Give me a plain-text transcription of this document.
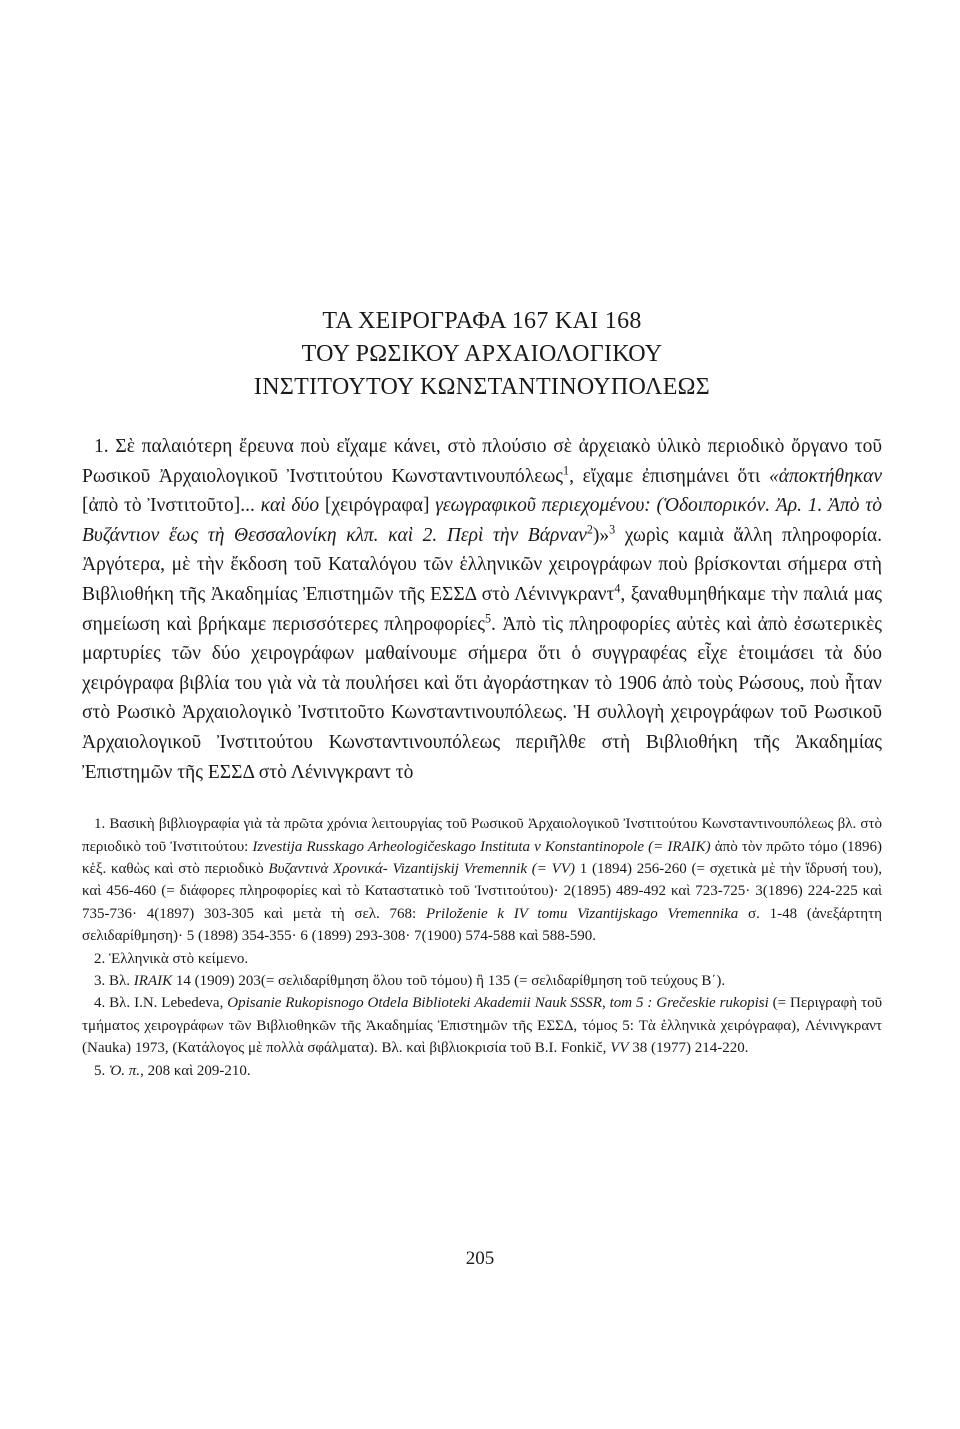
ΤΑ ΧΕΙΡΟΓΡΑΦΑ 167 ΚΑΙ 168
ΤΟΥ ΡΩΣΙΚΟΥ ΑΡΧΑΙΟΛΟΓΙΚΟΥ
ΙΝΣΤΙΤΟΥΤΟΥ ΚΩΝΣΤΑΝΤΙΝΟΥΠΟΛΕΩΣ

1. Σὲ παλαιότερη ἔρευνα ποὺ εἴχαμε κάνει, στὸ πλούσιο σὲ ἀρχειακὸ ὑλικὸ περιοδικὸ ὄργανο τοῦ Ρωσικοῦ Ἀρχαιολογικοῦ Ἰνστιτούτου Κωνσταντινουπόλεως$^1$, εἴχαμε ἐπισημάνει ὅτι «ἀποκτήθηκαν [ἀπὸ τὸ Ἰνστιτοῦτο]... καὶ δύο [χειρόγραφα] γεωγραφικοῦ περιεχομένου: (Ὁδοιπορικόν. Ἀρ. 1. Ἀπὸ τὸ Βυζάντιον ἕως τὴ Θεσσαλονίκη κλπ. καὶ 2. Περὶ τὴν Βάρναν$^2$)»$^3$ χωρὶς καμιὰ ἄλλη πληροφορία. Ἀργότερα, μὲ τὴν ἔκδοση τοῦ Καταλόγου τῶν ἑλληνικῶν χειρογράφων ποὺ βρίσκονται σήμερα στὴ Βιβλιοθήκη τῆς Ἀκαδημίας Ἐπιστημῶν τῆς ΕΣΣΔ στὸ Λένινγκραντ$^4$, ξαναθυμηθήκαμε τὴν παλιά μας σημείωση καὶ βρήκαμε περισσότερες πληροφορίες$^5$. Ἀπὸ τὶς πληροφορίες αὐτὲς καὶ ἀπὸ ἐσωτερικὲς μαρτυρίες τῶν δύο χειρογράφων μαθαίνουμε σήμερα ὅτι ὁ συγγραφέας εἶχε ἑτοιμάσει τὰ δύο χειρόγραφα βιβλία του γιὰ νὰ τὰ πουλήσει καὶ ὅτι ἀγοράστηκαν τὸ 1906 ἀπὸ τοὺς Ρώσους, ποὺ ἦταν στὸ Ρωσικὸ Ἀρχαιολογικὸ Ἰνστιτοῦτο Κωνσταντινουπόλεως. Ἡ συλλογὴ χειρογράφων τοῦ Ρωσικοῦ Ἀρχαιολογικοῦ Ἰνστιτούτου Κωνσταντινουπόλεως περιῆλθε στὴ Βιβλιοθήκη τῆς Ἀκαδημίας Ἐπιστημῶν τῆς ΕΣΣΔ στὸ Λένινγκραντ τὸ

1. Βασικὴ βιβλιογραφία γιὰ τὰ πρῶτα χρόνια λειτουργίας τοῦ Ρωσικοῦ Ἀρχαιολογικοῦ Ἰνστιτούτου Κωνσταντινουπόλεως βλ. στὸ περιοδικὸ τοῦ Ἰνστιτούτου: Izvestija Russkago Arheologičeskago Instituta v Konstantinopole (= IRAIK) ἀπὸ τὸν πρῶτο τόμο (1896) κἑξ. καθὼς καὶ στὸ περιοδικὸ Βυζαντινὰ Χρονικά- Vizantijskij Vremennik (= VV) 1 (1894) 256-260 (= σχετικὰ μὲ τὴν ἵδρυσή του), καὶ 456-460 (= διάφορες πληροφορίες καὶ τὸ Καταστατικὸ τοῦ Ἰνστιτούτου)· 2(1895) 489-492 καὶ 723-725· 3(1896) 224-225 καὶ 735-736· 4(1897) 303-305 καὶ μετὰ τὴ σελ. 768: Priloženie k IV tomu Vizantijskago Vremennika σ. 1-48 (ἀνεξάρτητη σελιδαρίθμηση)· 5 (1898) 354-355· 6 (1899) 293-308· 7(1900) 574-588 καὶ 588-590.

2. Ἑλληνικὰ στὸ κείμενο.

3. Βλ. IRAIK 14 (1909) 203(= σελιδαρίθμηση ὅλου τοῦ τόμου) ἢ 135 (= σελιδαρίθμηση τοῦ τεύχους Β΄).

4. Βλ. I.N. Lebedeva, Opisanie Rukopisnogo Otdela Biblioteki Akademii Nauk SSSR, tom 5 : Grečeskie rukopisi (= Περιγραφὴ τοῦ τμήματος χειρογράφων τῶν Βιβλιοθηκῶν τῆς Ἀκαδημίας Ἐπιστημῶν τῆς ΕΣΣΔ, τόμος 5: Τὰ ἑλληνικὰ χειρόγραφα), Λένινγκραντ (Nauka) 1973, (Κατάλογος μὲ πολλὰ σφάλματα). Βλ. καὶ βιβλιοκρισία τοῦ B.I. Fonkič, VV 38 (1977) 214-220.

5. Ὁ. π., 208 καὶ 209-210.

205
